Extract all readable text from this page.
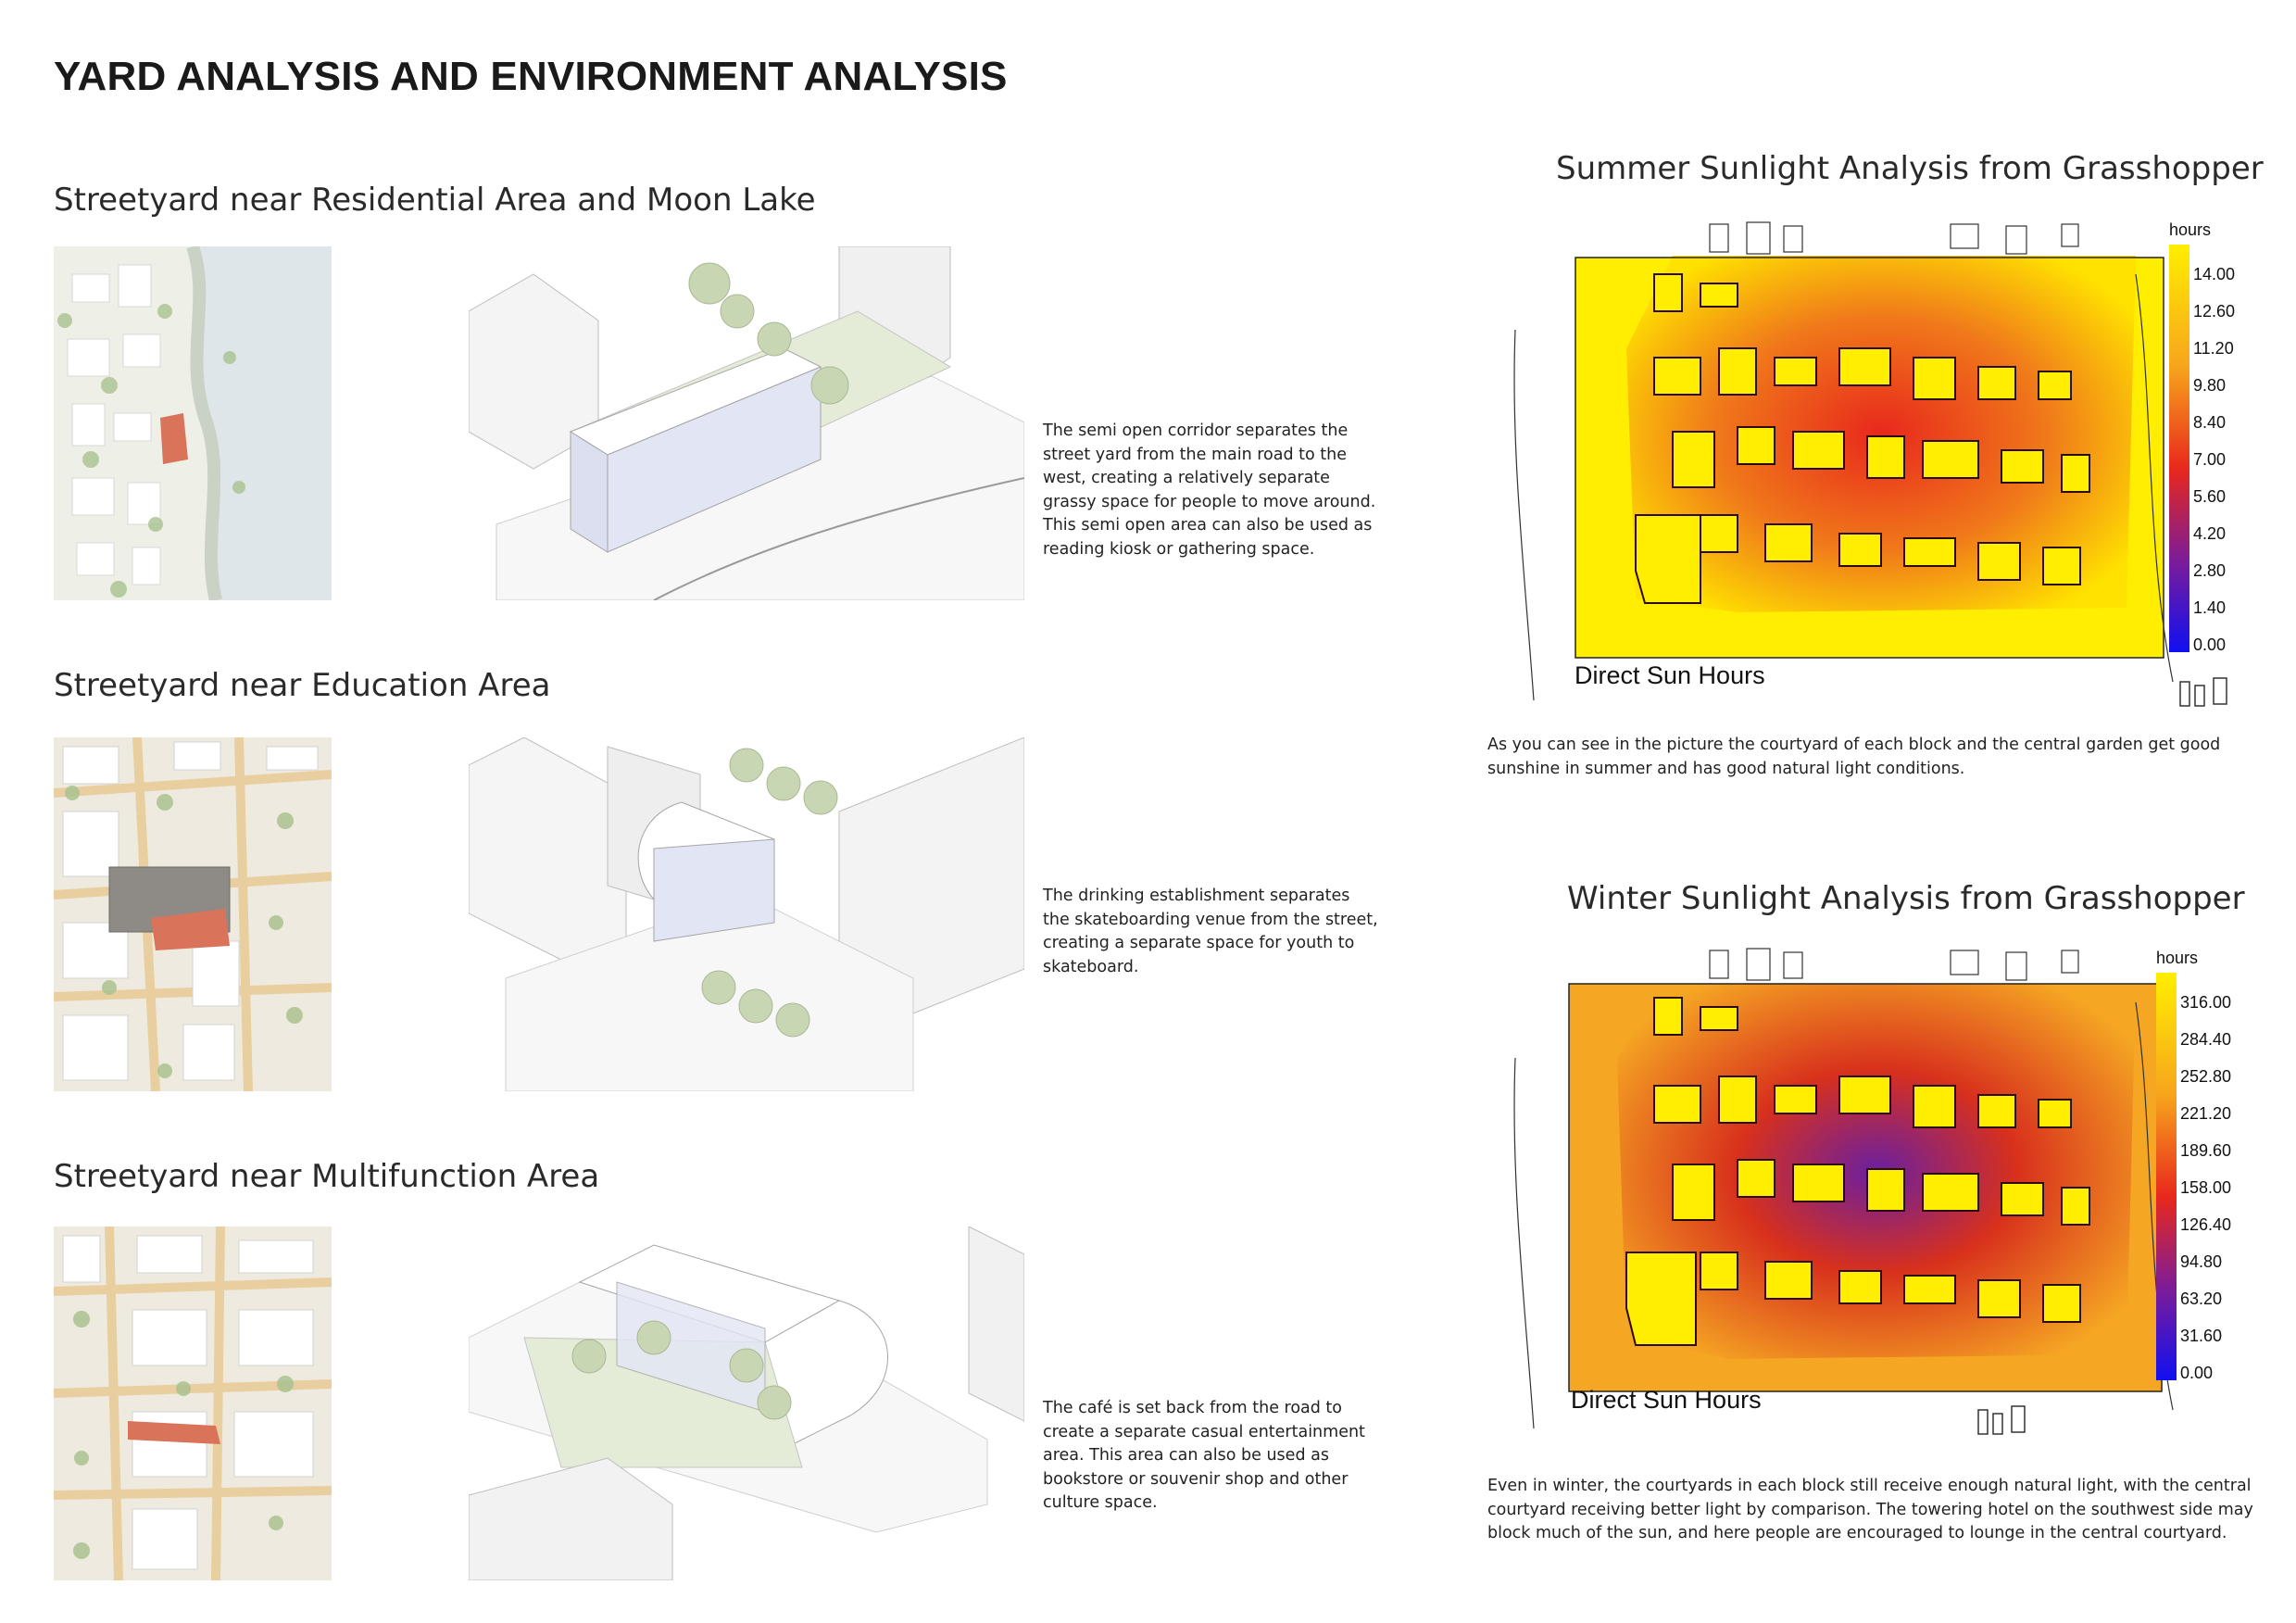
YARD ANALYSIS AND ENVIRONMENT ANALYSIS
Streetyard near Residential Area and Moon Lake
The semi open corridor separates the
street yard from the main road to the
west, creating a relatively separate
grassy space for people to move around.
This semi open area can also be used as
reading kiosk or gathering space.
Streetyard near Education Area
The drinking establishment separates
the skateboarding venue from the street,
creating a separate space for youth to
skateboard.
Streetyard near Multifunction Area
The café is set back from the road to
create a separate casual entertainment
area. This area can also be used as
bookstore or souvenir shop and other
culture space.
Summer Sunlight Analysis from Grasshopper
hours
14.00
12.60
11.20
9.80
8.40
7.00
5.60
4.20
2.80
1.40
0.00
Direct Sun Hours
As you can see in the picture the courtyard of each block and the central garden get good
sunshine in summer and has good natural light conditions.
Winter Sunlight Analysis from Grasshopper
hours
316.00
284.40
252.80
221.20
189.60
158.00
126.40
94.80
63.20
31.60
0.00
Direct Sun Hours
Even in winter, the courtyards in each block still receive enough natural light, with the central
courtyard receiving better light by comparison. The towering hotel on the southwest side may
block much of the sun, and here people are encouraged to lounge in the central courtyard.
